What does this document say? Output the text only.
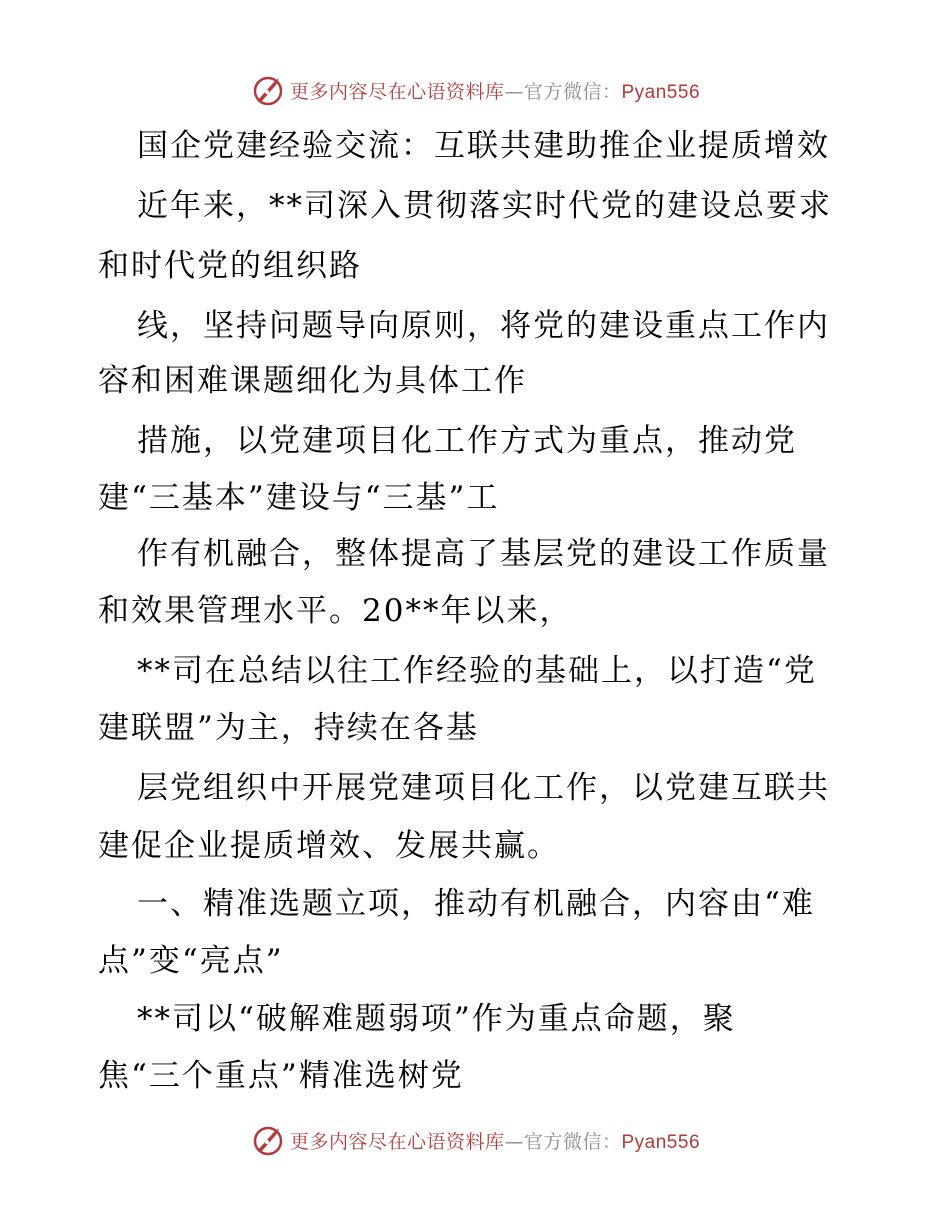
更多内容尽在心语资料库—官方微信：Pyan556
国企党建经验交流：互联共建助推企业提质增效
近年来，**司深入贯彻落实时代党的建设总要求
和时代党的组织路
线，坚持问题导向原则，将党的建设重点工作内
容和困难课题细化为具体工作
措施，以党建项目化工作方式为重点，推动党
建“三基本”建设与“三基”工
作有机融合，整体提高了基层党的建设工作质量
和效果管理水平。20**年以来，
**司在总结以往工作经验的基础上，以打造“党
建联盟”为主，持续在各基
层党组织中开展党建项目化工作，以党建互联共
建促企业提质增效、发展共赢。
一、精准选题立项，推动有机融合，内容由“难
点”变“亮点”
**司以“破解难题弱项”作为重点命题，聚
焦“三个重点”精准选树党
更多内容尽在心语资料库—官方微信：Pyan556
